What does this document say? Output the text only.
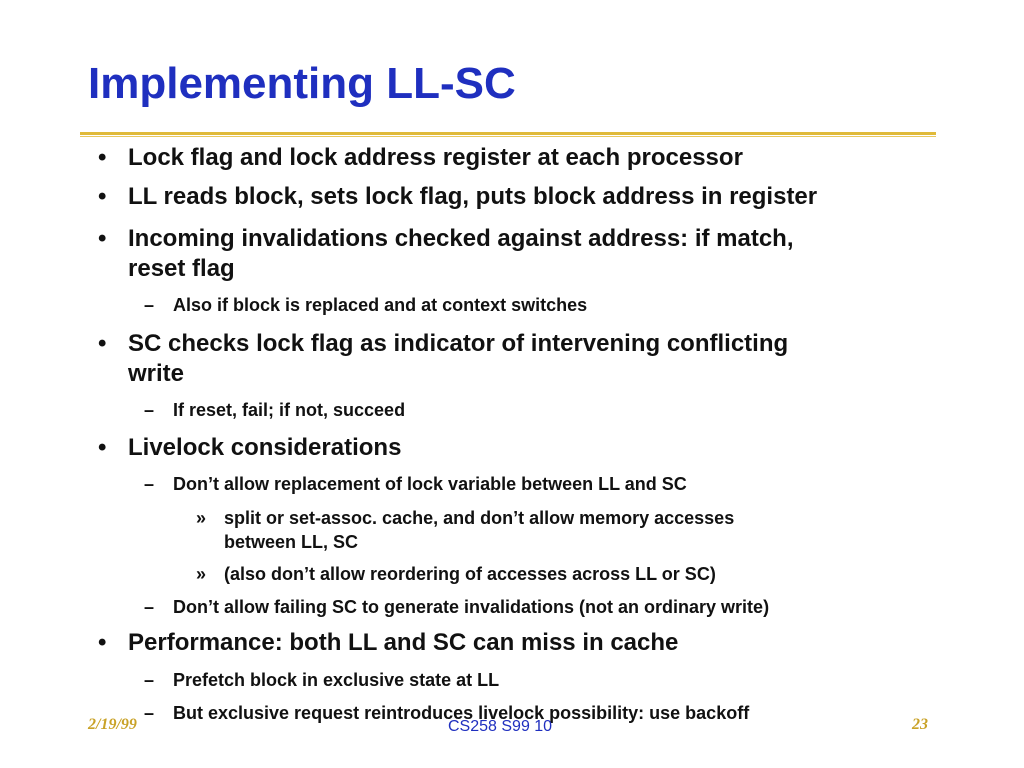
Implementing LL-SC
• Lock flag and lock address register at each processor
• LL reads block, sets lock flag, puts block address in register
• Incoming invalidations checked against address: if match,
reset flag
– Also if block is replaced and at context switches
• SC checks lock flag as indicator of intervening conflicting
write
– If reset, fail; if not, succeed
• Livelock considerations
– Don’t allow replacement of lock variable between LL and SC
» split or set-assoc. cache, and don’t allow memory accesses
between LL, SC
» (also don’t allow reordering of accesses across LL or SC)
– Don’t allow failing SC to generate invalidations (not an ordinary write)
• Performance: both LL and SC can miss in cache
– Prefetch block in exclusive state at LL
– But exclusive request reintroduces livelock possibility: use backoff
2/19/99	CS258 S99 10	23
